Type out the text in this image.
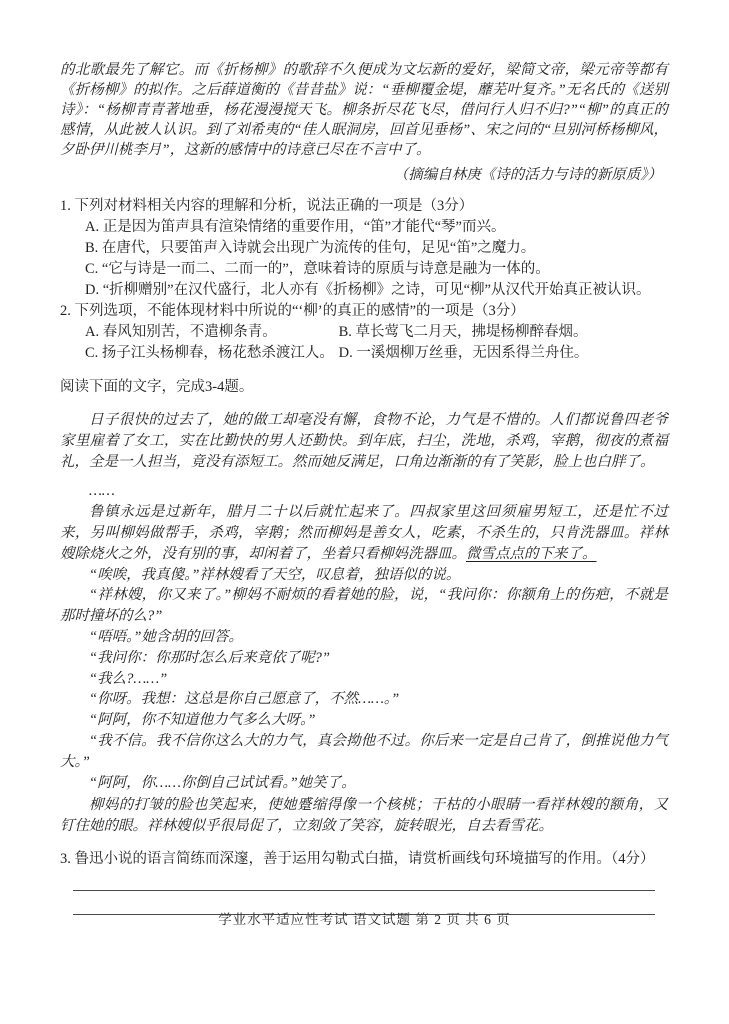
的北歌最先了解它。而《折杨柳》的歌辞不久便成为文坛新的爱好，梁简文帝，梁元帝等都有《折杨柳》的拟作。之后薛道衡的《昔昔盐》说：“垂柳覆金堤，蘼芜叶复齐。”无名氏的《送别诗》：“杨柳青青著地垂，杨花漫漫搅天飞。柳条折尽花飞尽，借问行人归不归?”“柳”的真正的感情，从此被人认识。到了刘希夷的“佳人眠洞房，回首见垂杨”、宋之问的“旦别河桥杨柳风，夕卧伊川桃李月”，这新的感情中的诗意已尽在不言中了。
（摘编自林庚《诗的活力与诗的新原质》）
1. 下列对材料相关内容的理解和分析，说法正确的一项是（3分）
A. 正是因为笛声具有渲染情绪的重要作用，“笛”才能代“琴”而兴。
B. 在唐代，只要笛声入诗就会出现广为流传的佳句，足见“笛”之魔力。
C. “它与诗是一而二、二而一的”，意味着诗的原质与诗意是融为一体的。
D. “折柳赠别”在汉代盛行，北人亦有《折杨柳》之诗，可见“柳”从汉代开始真正被认识。
2. 下列选项，不能体现材料中所说的“‘柳’的真正的感情”的一项是（3分）
A. 春风知别苦，不遣柳条青。	B. 草长莺飞二月天，拂堤杨柳醉春烟。
C. 扬子江头杨柳春，杨花愁杀渡江人。 D. 一溪烟柳万丝垂，无因系得兰舟住。
阅读下面的文字，完成3-4题。
日子很快的过去了，她的做工却毫没有懈，食物不论，力气是不惜的。人们都说鲁四老爷家里雇着了女工，实在比勤快的男人还勤快。到年底，扫尘，洗地，杀鸡，宰鹅，彻夜的煮福礼，全是一人担当，竟没有添短工。然而她反满足，口角边渐渐的有了笑影，脸上也白胖了。
……
鲁镇永远是过新年，腊月二十以后就忙起来了。四叔家里这回须雇男短工，还是忙不过来，另叫柳妈做帮手，杀鸡，宰鹅；然而柳妈是善女人，吃素，不杀生的，只肯洗器皿。祥林嫂除烧火之外，没有别的事，却闲着了，坐着只看柳妈洗器皿。微雪点点的下来了。
“唉唉，我真傻。”祥林嫂看了天空，叹息着，独语似的说。
“祥林嫂，你又来了。”柳妈不耐烦的看着她的脸，说，“我问你：你额角上的伤疤，不就是那时撞坏的么?”
“唔唔。”她含胡的回答。
“我问你：你那时怎么后来竟依了呢?”
“我么?……”
“你呀。我想：这总是你自己愿意了，不然……。”
“阿阿，你不知道他力气多么大呀。”
“我不信。我不信你这么大的力气，真会拗他不过。你后来一定是自己肯了，倒推说他力气大。”
“阿阿，你……你倒自己试试看。”她笑了。
柳妈的打皱的脸也笑起来，使她蹙缩得像一个核桃；干枯的小眼睛一看祥林嫂的额角，又钉住她的眼。祥林嫂似乎很局促了，立刻敛了笑容，旋转眼光，自去看雪花。
3. 鲁迅小说的语言简练而深邃，善于运用勾勒式白描，请赏析画线句环境描写的作用。（4分）
学业水平适应性考试 语文试题 第 2 页 共 6 页
